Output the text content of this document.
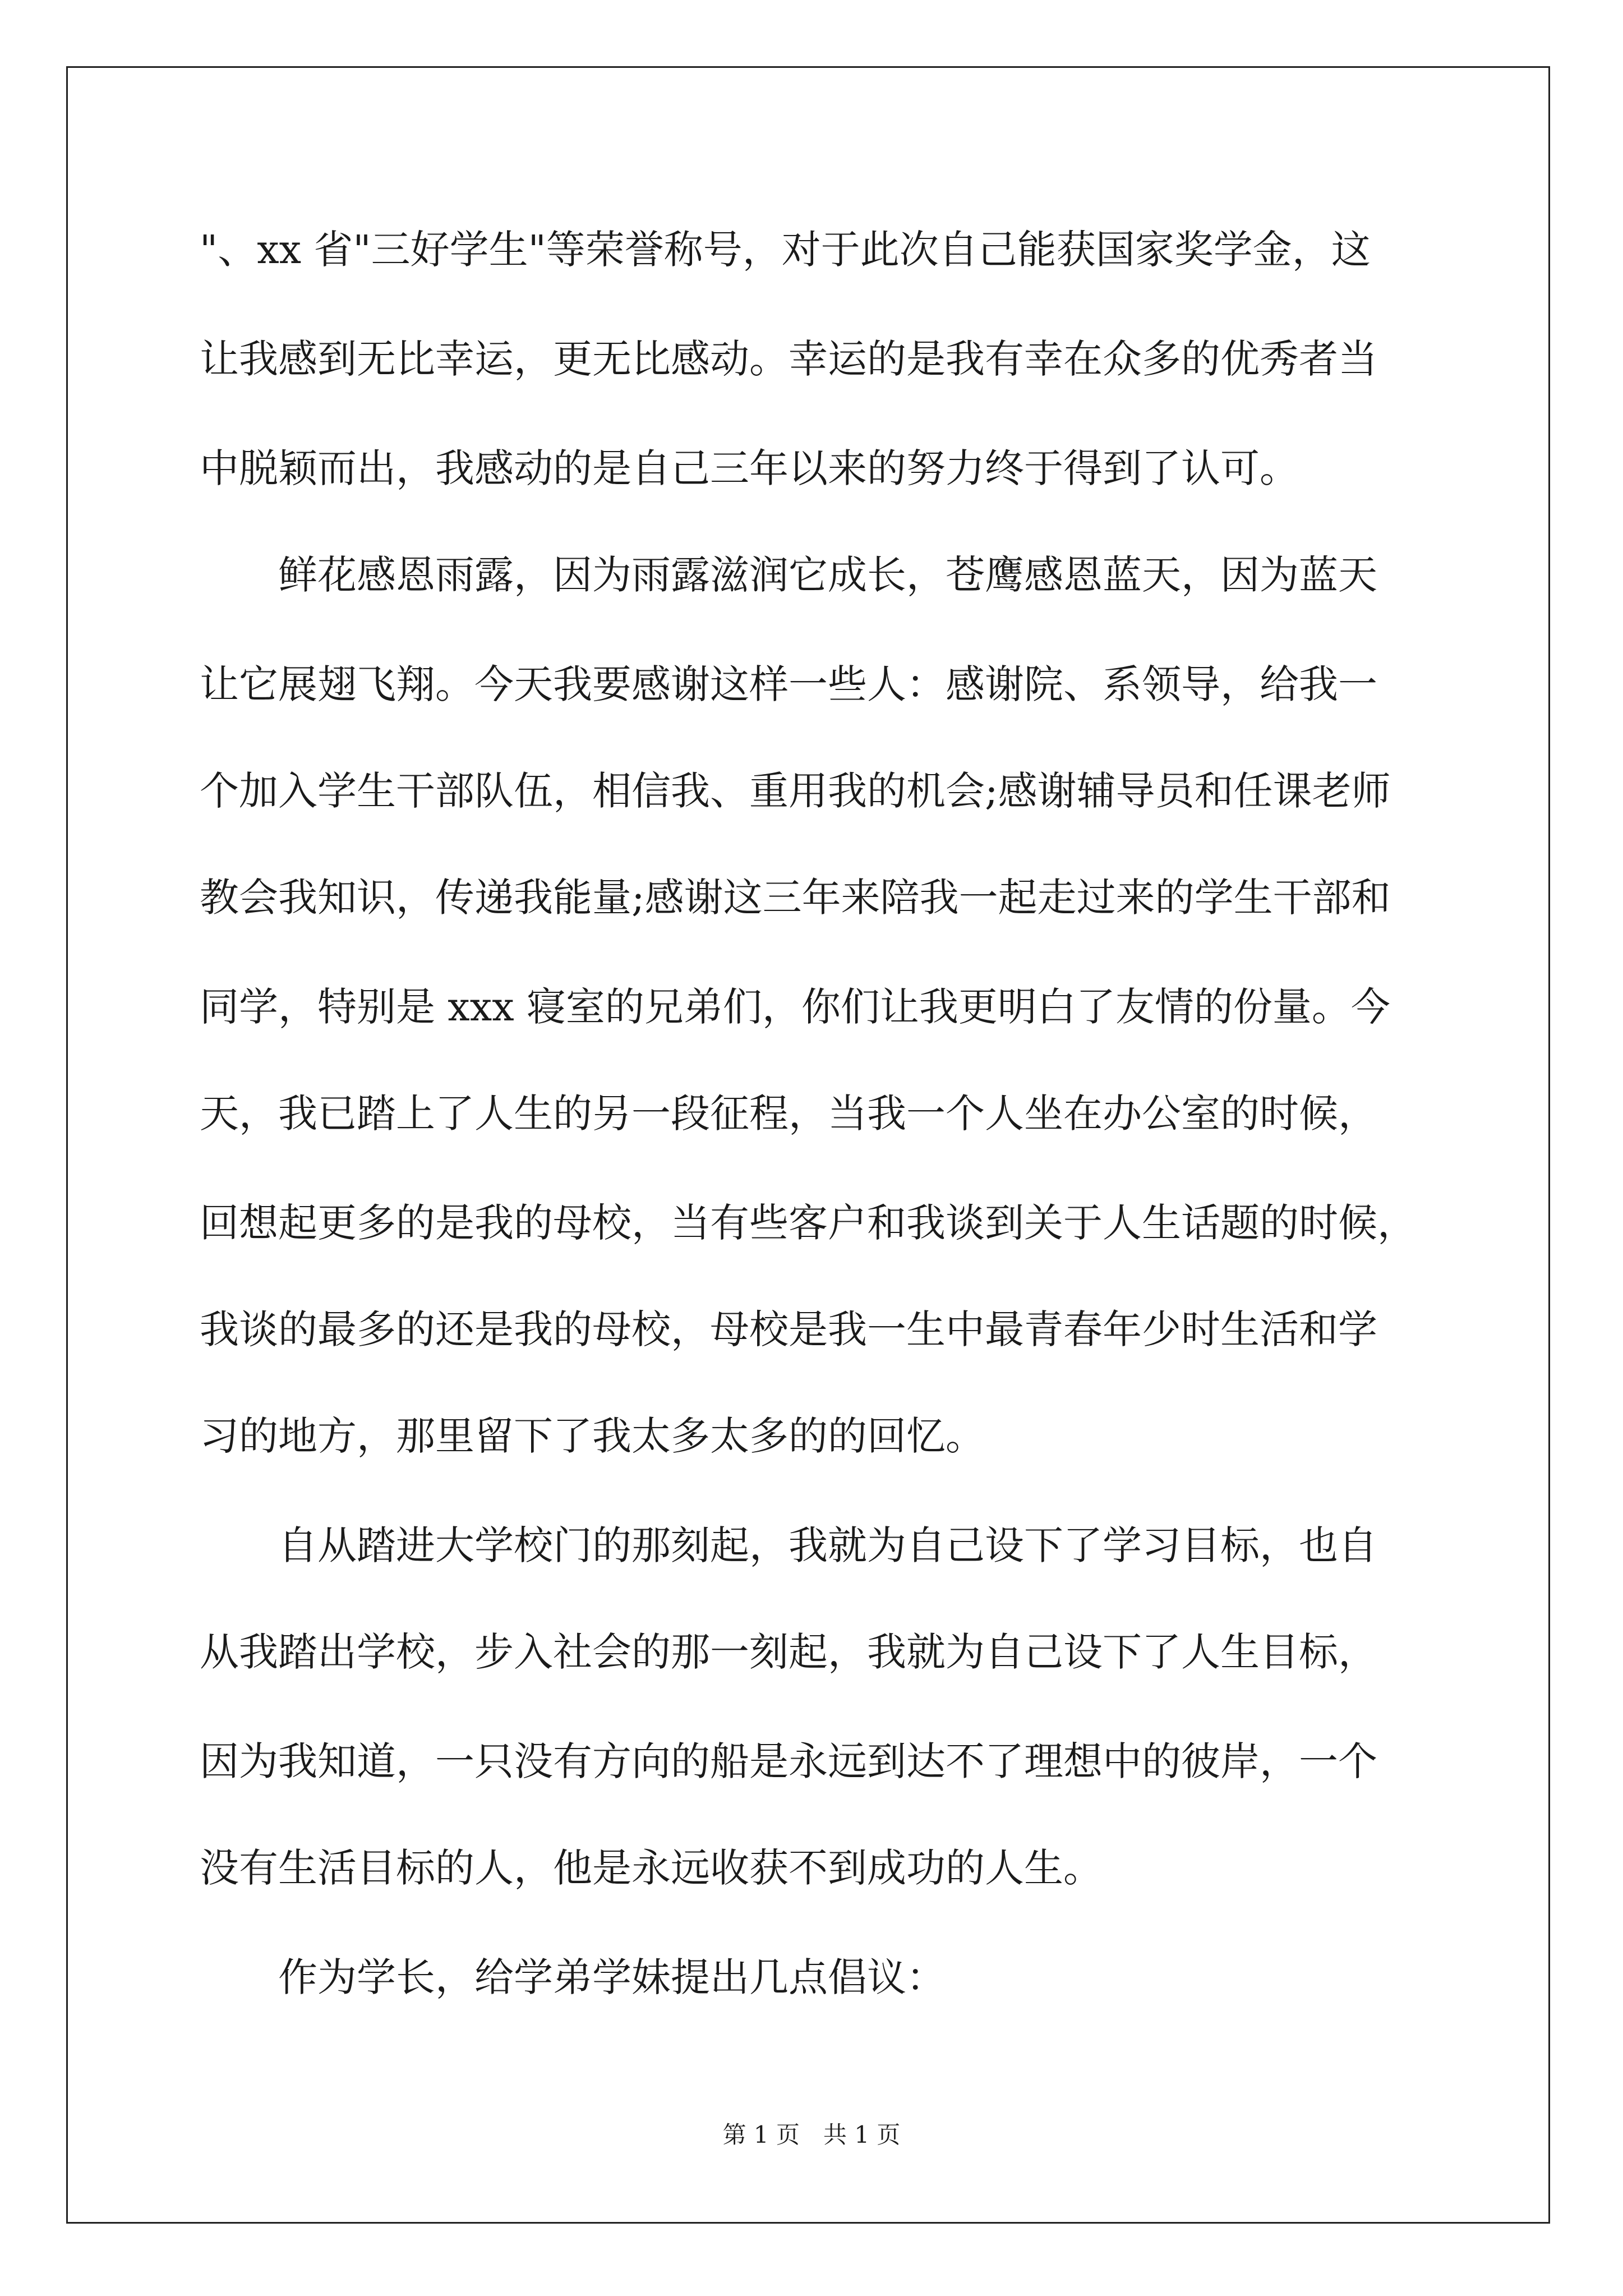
"、xx 省"三好学生"等荣誉称号，对于此次自己能获国家奖学金，这

让我感到无比幸运，更无比感动。幸运的是我有幸在众多的优秀者当

中脱颖而出，我感动的是自己三年以来的努力终于得到了认可。

鲜花感恩雨露，因为雨露滋润它成长，苍鹰感恩蓝天，因为蓝天

让它展翅飞翔。今天我要感谢这样一些人：感谢院、系领导，给我一

个加入学生干部队伍，相信我、重用我的机会;感谢辅导员和任课老师

教会我知识，传递我能量;感谢这三年来陪我一起走过来的学生干部和

同学，特别是 xxx 寝室的兄弟们，你们让我更明白了友情的份量。今

天，我已踏上了人生的另一段征程，当我一个人坐在办公室的时候，

回想起更多的是我的母校，当有些客户和我谈到关于人生话题的时候，

我谈的最多的还是我的母校，母校是我一生中最青春年少时生活和学

习的地方，那里留下了我太多太多的的回忆。

自从踏进大学校门的那刻起，我就为自己设下了学习目标，也自

从我踏出学校，步入社会的那一刻起，我就为自己设下了人生目标，

因为我知道，一只没有方向的船是永远到达不了理想中的彼岸，一个

没有生活目标的人，他是永远收获不到成功的人生。

作为学长，给学弟学妹提出几点倡议：

第 1 页　共 1 页
